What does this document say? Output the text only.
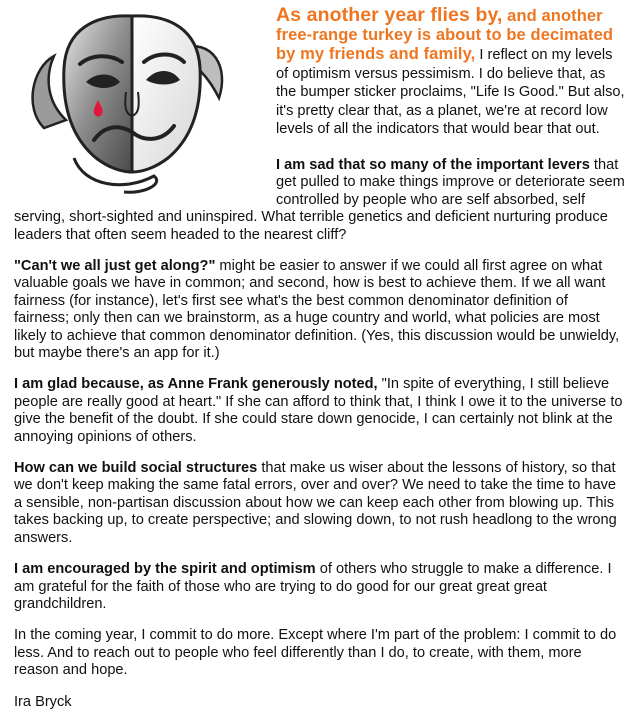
As another year flies by, and another free-range turkey is about to be decimated by my friends and family, I reflect on my levels of optimism versus pessimism. I do believe that, as the bumper sticker proclaims, "Life Is Good." But also, it's pretty clear that, as a planet, we're at record low levels of all the indicators that would bear that out.

I am sad that so many of the important levers that get pulled to make things improve or deteriorate seem controlled by people who are self absorbed, self serving, short-sighted and uninspired. What terrible genetics and deficient nurturing produce leaders that often seem headed to the nearest cliff?

"Can't we all just get along?" might be easier to answer if we could all first agree on what valuable goals we have in common; and second, how is best to achieve them. If we all want fairness (for instance), let's first see what's the best common denominator definition of fairness; only then can we brainstorm, as a huge country and world, what policies are most likely to achieve that common denominator definition. (Yes, this discussion would be unwieldy, but maybe there's an app for it.)

I am glad because, as Anne Frank generously noted, "In spite of everything, I still believe people are really good at heart." If she can afford to think that, I think I owe it to the universe to give the benefit of the doubt. If she could stare down genocide, I can certainly not blink at the annoying opinions of others.

How can we build social structures that make us wiser about the lessons of history, so that we don't keep making the same fatal errors, over and over? We need to take the time to have a sensible, non-partisan discussion about how we can keep each other from blowing up. This takes backing up, to create perspective; and slowing down, to not rush headlong to the wrong answers.

I am encouraged by the spirit and optimism of others who struggle to make a difference. I am grateful for the faith of those who are trying to do good for our great great great grandchildren.

In the coming year, I commit to do more. Except where I'm part of the problem: I commit to do less. And to reach out to people who feel differently than I do, to create, with them, more reason and hope.

Ira Bryck
